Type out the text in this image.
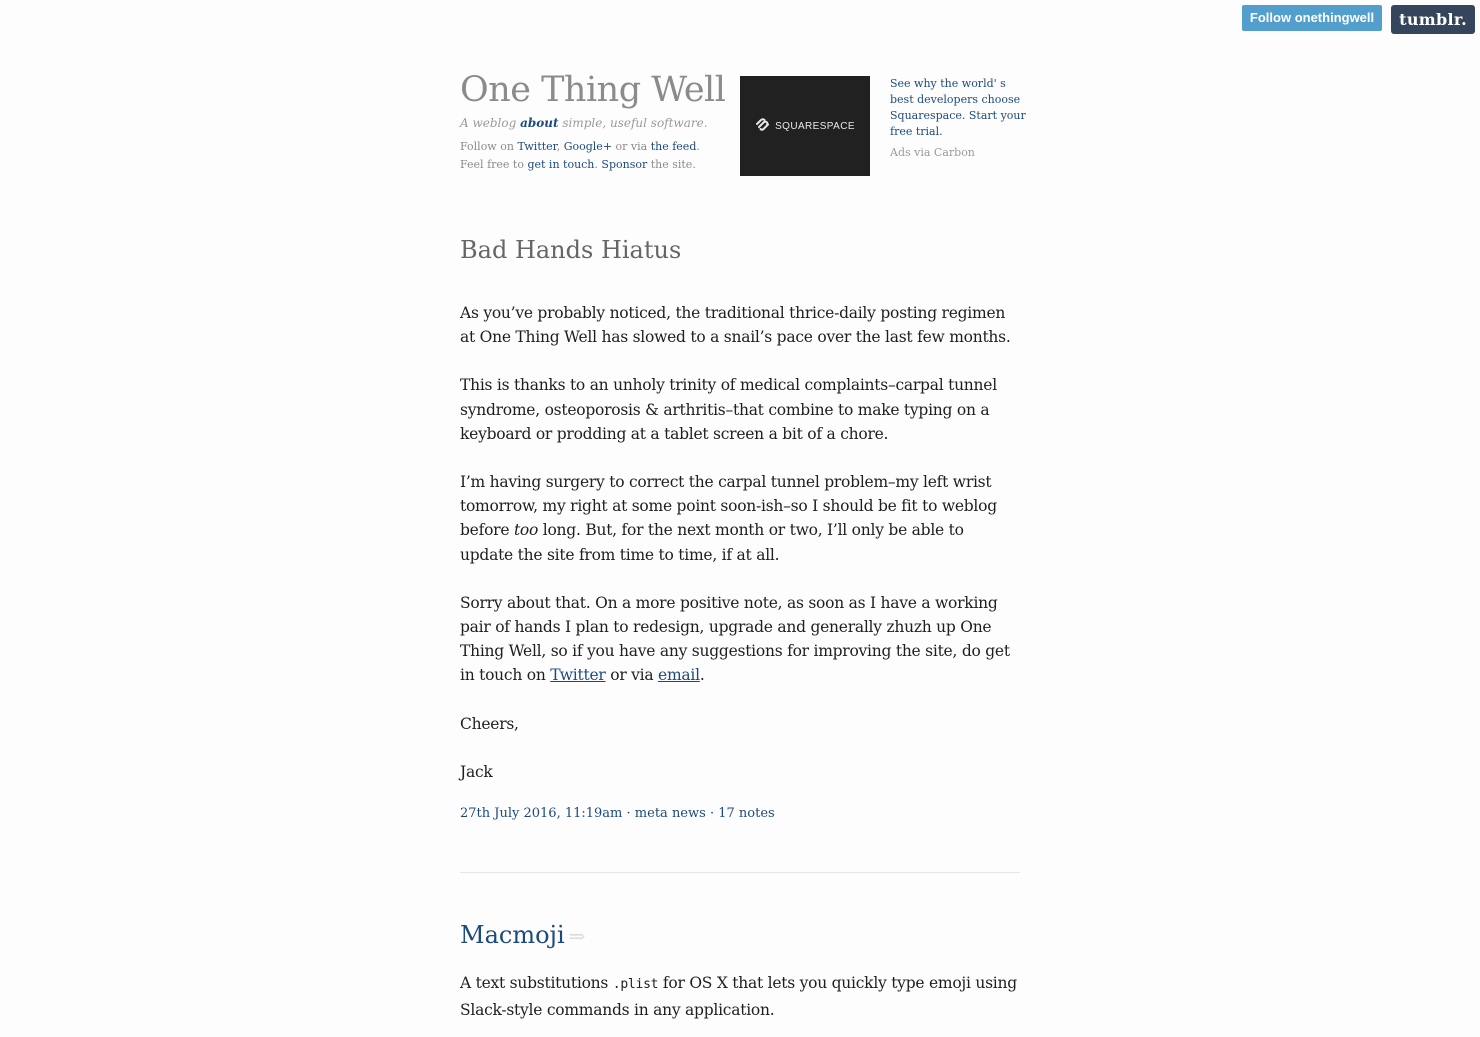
Follow onethingwell	tumblr.
One Thing Well

A weblog about simple, useful software.

Follow on Twitter, Google+ or via the feed. Feel free to get in touch. Sponsor the site.

SQUARESPACE
See why the world' s best developers choose Squarespace. Start your free trial.
Ads via Carbon
Bad Hands Hiatus

As you’ve probably noticed, the traditional thrice-daily posting regimen at One Thing Well has slowed to a snail’s pace over the last few months.

This is thanks to an unholy trinity of medical complaints–carpal tunnel syndrome, osteoporosis & arthritis–that combine to make typing on a keyboard or prodding at a tablet screen a bit of a chore.

I’m having surgery to correct the carpal tunnel problem–my left wrist tomorrow, my right at some point soon-ish–so I should be fit to weblog before too long. But, for the next month or two, I’ll only be able to update the site from time to time, if at all.

Sorry about that. On a more positive note, as soon as I have a working pair of hands I plan to redesign, upgrade and generally zhuzh up One Thing Well, so if you have any suggestions for improving the site, do get in touch on Twitter or via email.

Cheers,

Jack

27th July 2016, 11:19am · meta news · 17 notes
Macmoji ⇒
A text substitutions .plist for OS X that lets you quickly type emoji using Slack-style commands in any application.
